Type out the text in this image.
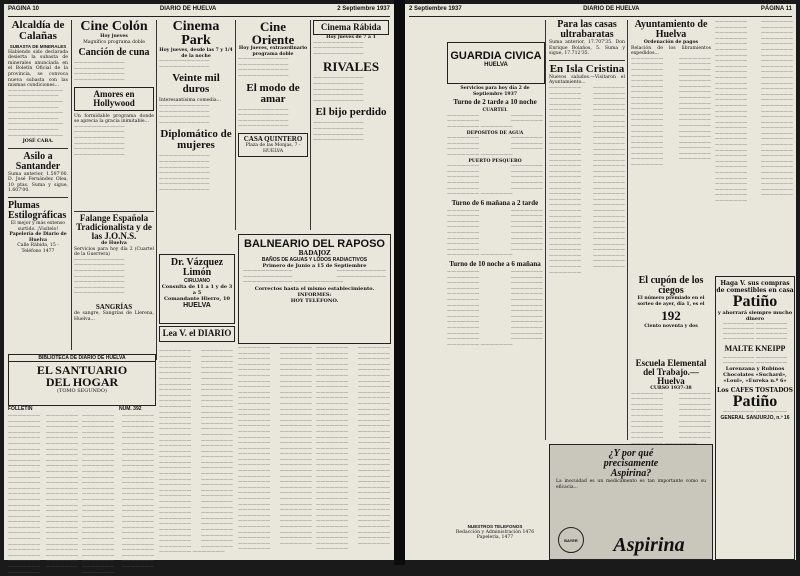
PAGINA 10	DIARIO DE HUELVA	2 Septiembre 1937
Alcaldía de Calañas
SUBASTA DE MINERALES
Habiendo sido declarada desierta la subasta de minerales anunciada en el Boletín Oficial de la provincia, se convoca nueva subasta con las mismas condiciones...
———————————— ——————————— ———————————— ——————————— ———————————— ——————————— ———————————— ——————————— ————————————
JOSÉ CABA.
Asilo a Santander
Suma anterior, 1.597'00. D. José Fernández Olea, 10 ptas. Suma y sigue, 1.607'00.
Plumas Estilográficas
El mejor y más extenso surtido. ¡Visítelo!
Papelería de Diario de Huelva
Calle Rábida, 15 - Teléfono 1477
Cine Colón
Hoy jueves
Magnífico programa doble
Canción de cuna
——————————— ——————————— ——————————— ———————————
Amores en Hollywood
Un formidable programa donde se aprecia la gracia inimitable...
——————————— ——————————— ——————————— ——————————— ——————————— ———————————
Cinema Park
Hoy jueves, desde las 7 y 1/4 de la noche
——————————— ———————————
Veinte mil duros
Interesantísima comedia...
——————————— ——————————— ——————————— ———————————
Diplomático de mujeres
——————————— ——————————— ——————————— ——————————— ——————————— ——————————— ———————————
Cine Oriente
Hoy jueves, extraordinario programa doble
——————————— ——————————— ——————————— ———————————
El modo de amar
——————————— ——————————— ——————————— ———————————
CASA QUINTERO
Plaza de las Monjas, 7 - HUELVA
Cinema Rábida
Hoy jueves de 7 a 1
——————————— ——————————— ———————————
RIVALES
——————————— ——————————— ——————————— ——————————— ———————————
El bijo perdido
——————————— ——————————— ——————————— ———————————
Falange Española Tradicionalista y de las J.O.N.S.
de Huelva
Servicios para hoy día 2 (Cuartel de la Guerrera)
——————————— ——————————— ——————————— ——————————— ——————————— ——————————— ———————————
Dr. Vázquez Limón
CIRUJANO
Consulta de 11 a 1 y de 3 a 5
Comandante Hierro, 10
HUELVA
Lea V. el DIARIO
SANGRÍAS
de sangre, Sangrías de Llerena, Huelva...
BALNEARIO DEL RAPOSO
BADAJOZ
BAÑOS DE AGUAS Y LODOS RADIACTIVOS
Primero de Junio a 15 de Septiembre
——————————— ——————————— ——————————— ——————————— ——————————— ———————————
Correctos hasta el mismo establecimiento.
INFORMES:
HOY TELÉFONO.
BIBLIOTECA DE DIARIO DE HUELVA
EL SANTUARIO
DEL HOGAR
(TOMO SEGUNDO)
FOLLETIN	NUM. 392
——————— ——————— ——————— ——————— ——————— ——————— ——————— ——————— ——————— ——————— ——————— ——————— ——————— ——————— ——————— ——————— ——————— ——————— ——————— ——————— ——————— ——————— ——————— ——————— ——————— ——————— ——————— ——————— ——————— ——————— ——————— ——————— ——————— ——————— ——————— ——————— ——————— ——————— ——————— ——————— ——————— ——————— ——————— ——————— ——————— ——————— ——————— ——————— ——————— ——————— ——————— ——————— ——————— ——————— ——————— ——————— ———————
——————— ——————— ——————— ——————— ——————— ——————— ——————— ——————— ——————— ——————— ——————— ——————— ——————— ——————— ——————— ——————— ——————— ——————— ——————— ——————— ——————— ——————— ——————— ——————— ——————— ——————— ——————— ——————— ——————— ——————— ——————— ——————— ——————— ——————— ——————— ——————— ——————— ——————— ——————— ——————— ——————— ——————— ——————— ——————— ——————— ——————— ——————— ——————— ——————— ——————— ——————— ——————— ——————— ——————— ——————— ——————— ———————
——————— ——————— ——————— ——————— ——————— ——————— ——————— ——————— ——————— ——————— ——————— ——————— ——————— ——————— ——————— ——————— ——————— ——————— ——————— ——————— ——————— ——————— ——————— ——————— ——————— ——————— ——————— ——————— ——————— ——————— ——————— ——————— ——————— ——————— ——————— ——————— ——————— ——————— ——————— ——————— ——————— ——————— ——————— ——————— ——————— ——————— ——————— ——————— ——————— ——————— ——————— ——————— ——————— ——————— ——————— ——————— ——————— ——————— ——————— ——————— ——————— ——————— ——————— ——————— ——————— ——————— ——————— ——————— ——————— ——————— ——————— ——————— ——————— ———————
——————— ——————— ——————— ——————— ——————— ——————— ——————— ——————— ——————— ——————— ——————— ——————— ——————— ——————— ——————— ——————— ——————— ——————— ——————— ——————— ——————— ——————— ——————— ——————— ——————— ——————— ——————— ——————— ——————— ——————— ——————— ——————— ——————— ——————— ——————— ——————— ——————— ——————— ——————— ——————— ——————— ——————— ——————— ——————— ——————— ——————— ——————— ——————— ——————— ——————— ——————— ——————— ——————— ——————— ——————— ——————— ——————— ——————— ——————— ——————— ——————— ——————— ——————— ——————— ——————— ——————— ——————— ——————— ——————— ——————— ——————— ——————— ———————
——————— ——————— ——————— ——————— ——————— ——————— ——————— ——————— ——————— ——————— ——————— ——————— ——————— ——————— ——————— ——————— ——————— ——————— ——————— ——————— ——————— ——————— ——————— ——————— ——————— ——————— ——————— ——————— ——————— ——————— ——————— ——————— ——————— ——————— ——————— ——————— ——————— ——————— ——————— ——————— ——————— ——————— ——————— ——————— ——————— ——————— ——————— ——————— ——————— ——————— ——————— ——————— ——————— ——————— ——————— ——————— ——————— ——————— ——————— ——————— ——————— ——————— ——————— ——————— ——————— ——————— ——————— ——————— ——————— ——————— ——————— ——————— ———————
2 Septiembre 1937	DIARIO DE HUELVA	PÁGINA 11
GUARDIA CIVICA
HUELVA
Servicios para hoy día 2 de Septiembre 1937
Turno de 2 tarde a 10 noche
CUARTEL
——————— ——————— ——————— ——————— ——————— ———————
DEPOSITOS DE AGUA
——————— ——————— ——————— ——————— ——————— ——————— ——————— ———————
PUERTO PESQUERO
——————— ——————— ——————— ——————— ——————— ——————— ——————— ——————— ——————— ——————— ——————— ———————
Turno de 6 mañana a 2 tarde
——————— ——————— ——————— ——————— ——————— ——————— ——————— ——————— ——————— ——————— ——————— ——————— ——————— ——————— ——————— ——————— ——————— ———————
Turno de 10 noche a 6 mañana
——————— ——————— ——————— ——————— ——————— ——————— ——————— ——————— ——————— ——————— ——————— ——————— ——————— ——————— ——————— ——————— ——————— ——————— ——————— ——————— ——————— ——————— ——————— ——————— ——————— ——————— ——————— ———————
Para las casas ultrabaratas
Suma anterior, 17.707'35. Don Enrique Bolaños, 5. Suma y sigue, 17.712'35.
En Isla Cristina
Nuevos saludos.—Visitaron el Ayuntamiento...
——————— ——————— ——————— ——————— ——————— ——————— ——————— ——————— ——————— ——————— ——————— ——————— ——————— ——————— ——————— ——————— ——————— ——————— ——————— ——————— ——————— ——————— ——————— ——————— ——————— ——————— ——————— ——————— ——————— ——————— ——————— ——————— ——————— ——————— ——————— ——————— ——————— ——————— ——————— ——————— ——————— ——————— ——————— ——————— ——————— ——————— ——————— ——————— ——————— ——————— ——————— ——————— ——————— ——————— ——————— ——————— ——————— ——————— ——————— ——————— ——————— ——————— ——————— ——————— ——————— ——————— ———————
Ayuntamiento de Huelva
Ordenación de pagos
Relación de los libramientos expedidos...
——————— ——————— ——————— ——————— ——————— ——————— ——————— ——————— ——————— ——————— ——————— ——————— ——————— ——————— ——————— ——————— ——————— ——————— ——————— ——————— ——————— ——————— ——————— ——————— ——————— ——————— ——————— ——————— ——————— ——————— ——————— ——————— ——————— ——————— ——————— ——————— ——————— ——————— ———————
——————— ——————— ——————— ——————— ——————— ——————— ——————— ——————— ——————— ——————— ——————— ——————— ——————— ——————— ——————— ——————— ——————— ——————— ——————— ——————— ——————— ——————— ——————— ——————— ——————— ——————— ——————— ——————— ——————— ——————— ——————— ——————— ——————— ——————— ——————— ——————— ——————— ——————— ——————— ——————— ——————— ——————— ——————— ——————— ——————— ——————— ——————— ——————— ——————— ——————— ——————— ——————— ——————— ——————— ——————— ——————— ——————— ——————— ——————— ——————— ——————— ——————— ——————— ——————— ———————
El cupón de los ciegos
El número premiado en el sorteo de ayer, día 1, es el
192
Ciento noventa y dos
Escuela Elemental del Trabajo.—Huelva
CURSO 1937-38
——————— ——————— ——————— ——————— ——————— ——————— ——————— ——————— ——————— ——————— ——————— ——————— ——————— ——————— ——————— ——————— ——————— ———————
Haga V. sus compras de comestibles en casa
Patiño
y ahorrará siempre mucho dinero
——————— ——————— ——————— ——————— ——————— ——————— ——————— ———————
MALTE KNEIPP
——————— ——————— ——————— ———————
Lorenzana y Rubinos
Chocolates «Suchard», «Loul», «Eureka n.º 6»
Los CAFES TOSTADOS
Patiño
——————— ———————
GENERAL SANJURJO, n.º 16
¿Y por qué
precisamente
Aspirina?
La inocuidad es un medicamento es tan importante como su eficacia...
BAYER	Aspirina
NUESTROS TELEFONOS
Redacción y Administración 1476
Papelería, 1477
